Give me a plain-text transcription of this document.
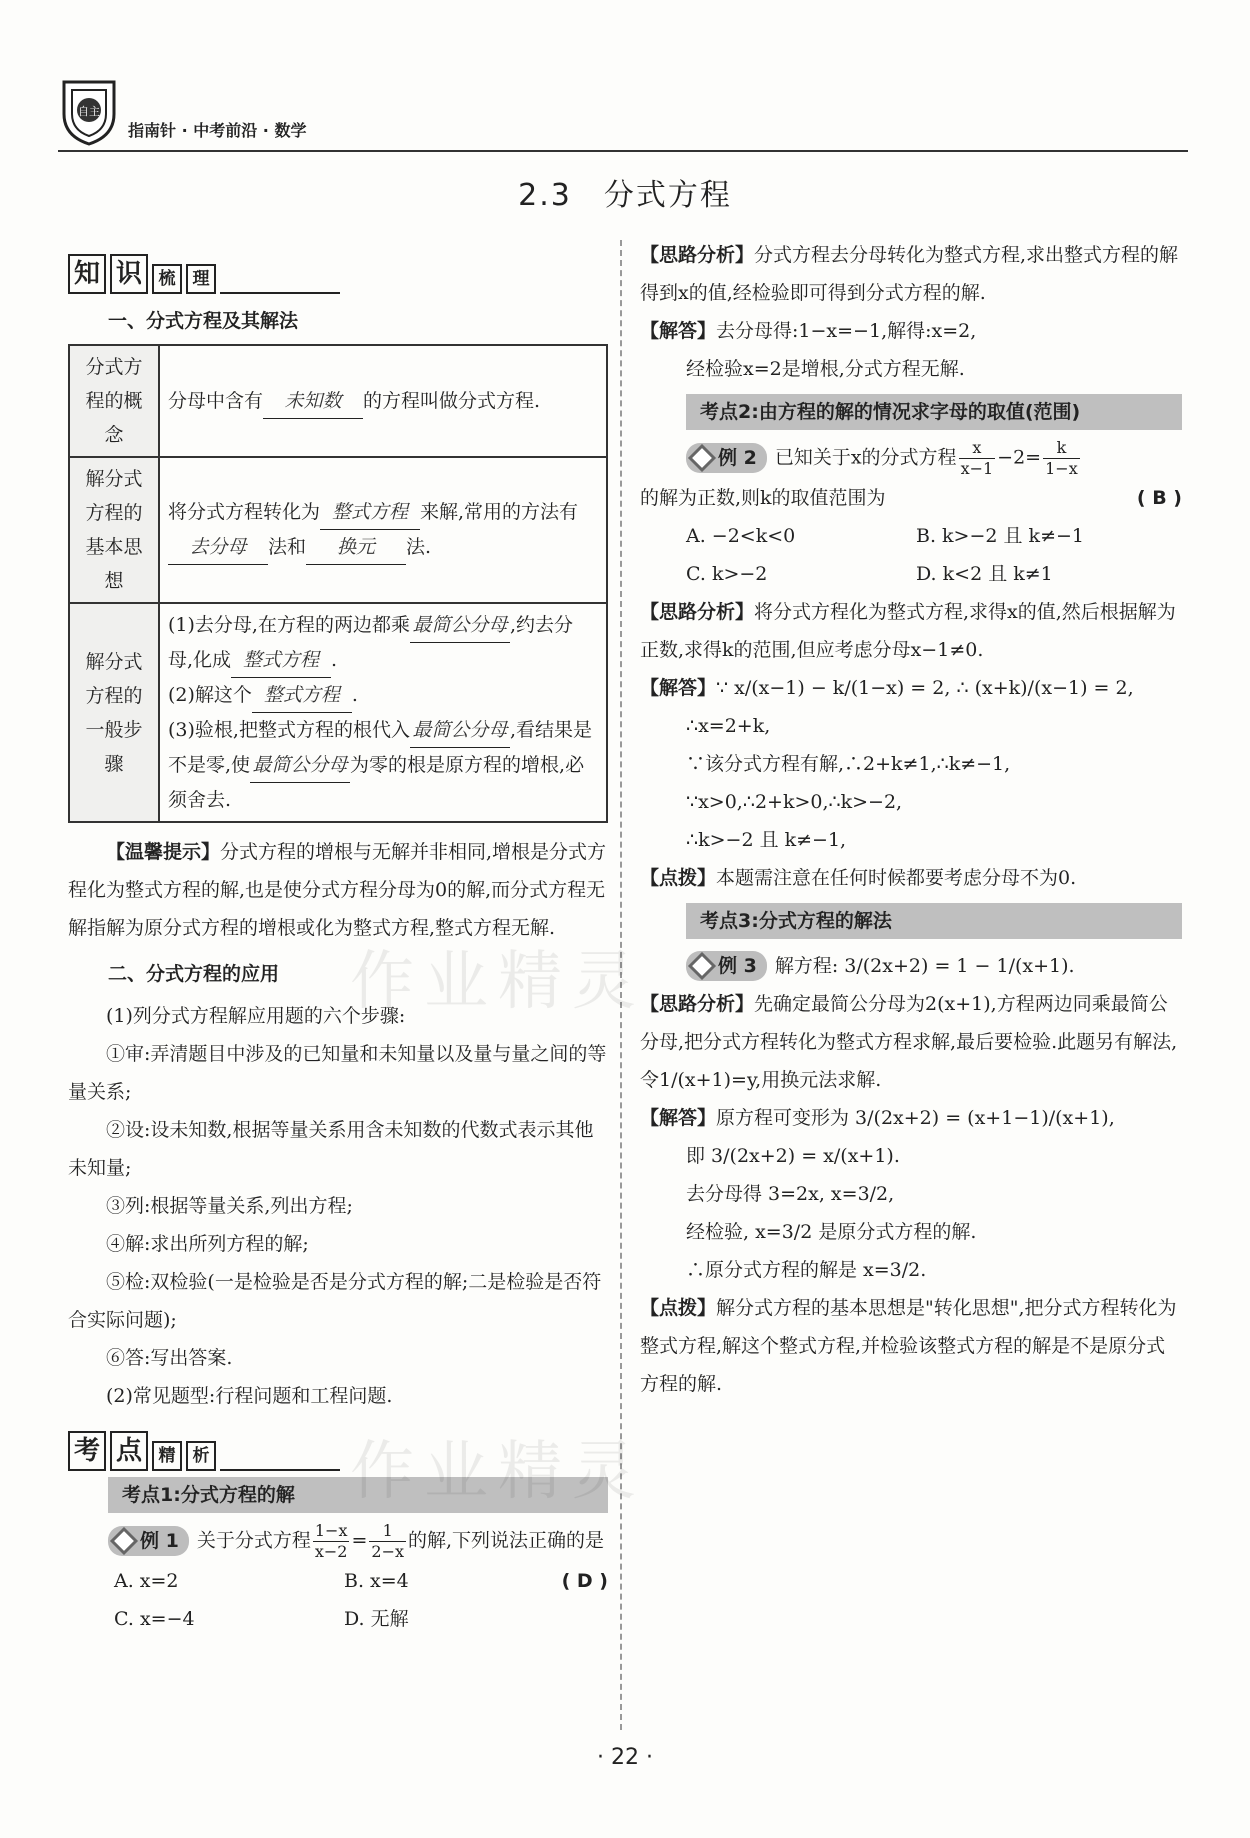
自主
指南针 · 中考前沿 · 数学
2.3　分式方程
知 识 梳	理
一、分式方程及其解法
分式方程的概念	分母中含有 未知数 的方程叫做分式方程.
解分式方程的基本思想	将分式方程转化为 整式方程 来解,常用的方法有去分母 法和 换元 法.
解分式方程的一般步骤	(1)去分母,在方程的两边都乘 最简公分母 ,约去分母,化成 整式方程 .
(2)解这个 整式方程 .
(3)验根,把整式方程的根代入 最简公分母 ,看结果是不是零,使 最简公分母 为零的根是原方程的增根,必须舍去.

【温馨提示】分式方程的增根与无解并非相同,增根是分式方程化为整式方程的解,也是使分式方程分母为0的解,而分式方程无解指解为原分式方程的增根或化为整式方程,整式方程无解.

二、分式方程的应用

(1)列分式方程解应用题的六个步骤:

①审:弄清题目中涉及的已知量和未知量以及量与量之间的等量关系;

②设:设未知数,根据等量关系用含未知数的代数式表示其他未知量;

③列:根据等量关系,列出方程;

④解:求出所列方程的解;

⑤检:双检验(一是检验是否是分式方程的解;二是检验是否符合实际问题);

⑥答:写出答案.

(2)常见题型:行程问题和工程问题.

考 点 精	析
考点1:分式方程的解

例 1 关于分式方程 $\frac{1-x}{x-2} = \frac{1}{2-x}$ 的解,下列说法正确的是
( D )

A. x=2	B. x=4
C. x=−4	D. 无解

【思路分析】分式方程去分母转化为整式方程,求出整式方程的解得到x的值,经检验即可得到分式方程的解.

【解答】去分母得:1−x=−1,解得:x=2,

经检验x=2是增根,分式方程无解.

考点2:由方程的解的情况求字母的取值(范围)

例 2 已知关于x的分式方程 $\frac{x}{x-1} -2= \frac{k}{1-x}$

的解为正数,则k的取值范围为	( B )

A. −2<k<0	B. k>−2 且 k≠−1
C. k>−2	D. k<2 且 k≠1

【思路分析】将分式方程化为整式方程,求得x的值,然后根据解为正数,求得k的范围,但应考虑分母x−1≠0.

【解答】∵ x/(x−1) − k/(1−x) = 2, ∴ (x+k)/(x−1) = 2,

∴x=2+k,

∵该分式方程有解,∴2+k≠1,∴k≠−1,

∵x>0,∴2+k>0,∴k>−2,

∴k>−2 且 k≠−1,

【点拨】本题需注意在任何时候都要考虑分母不为0.

考点3:分式方程的解法

例 3 解方程: 3/(2x+2) = 1 − 1/(x+1).

【思路分析】先确定最简公分母为2(x+1),方程两边同乘最简公分母,把分式方程转化为整式方程求解,最后要检验.此题另有解法,令1/(x+1)=y,用换元法求解.

【解答】原方程可变形为 3/(2x+2) = (x+1−1)/(x+1),

即 3/(2x+2) = x/(x+1).

去分母得 3=2x, x=3/2,

经检验, x=3/2 是原分式方程的解.

∴原分式方程的解是 x=3/2.

【点拨】解分式方程的基本思想是"转化思想",把分式方程转化为整式方程,解这个整式方程,并检验该整式方程的解是不是原分式方程的解.

作业精灵
作业精灵
· 22 ·
